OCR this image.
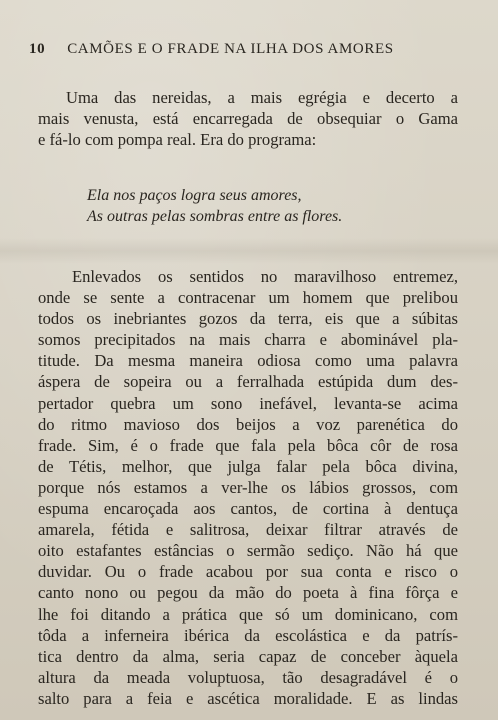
10 CAMÕES E O FRADE NA ILHA DOS AMORES

Uma das nereidas, a mais egrégia e decerto a
mais venusta, está encarregada de obsequiar o Gama
e fá-lo com pompa real. Era do programa:

Ela nos paços logra seus amores,
As outras pelas sombras entre as flores.

Enlevados os sentidos no maravilhoso entremez,
onde se sente a contracenar um homem que prelibou
todos os inebriantes gozos da terra, eis que a súbitas
somos precipitados na mais charra e abominável pla-
titude. Da mesma maneira odiosa como uma palavra
áspera de sopeira ou a ferralhada estúpida dum des-
pertador quebra um sono inefável, levanta-se acima
do ritmo mavioso dos beijos a voz parenética do
frade. Sim, é o frade que fala pela bôca côr de rosa
de Tétis, melhor, que julga falar pela bôca divina,
porque nós estamos a ver-lhe os lábios grossos, com
espuma encaroçada aos cantos, de cortina à dentuça
amarela, fétida e salitrosa, deixar filtrar através de
oito estafantes estâncias o sermão sediço. Não há que
duvidar. Ou o frade acabou por sua conta e risco o
canto nono ou pegou da mão do poeta à fina fôrça e
lhe foi ditando a prática que só um dominicano, com
tôda a inferneira ibérica da escolástica e da patrís-
tica dentro da alma, seria capaz de conceber àquela
altura da meada voluptuosa, tão desagradável é o
salto para a feia e ascética moralidade. E as lindas
